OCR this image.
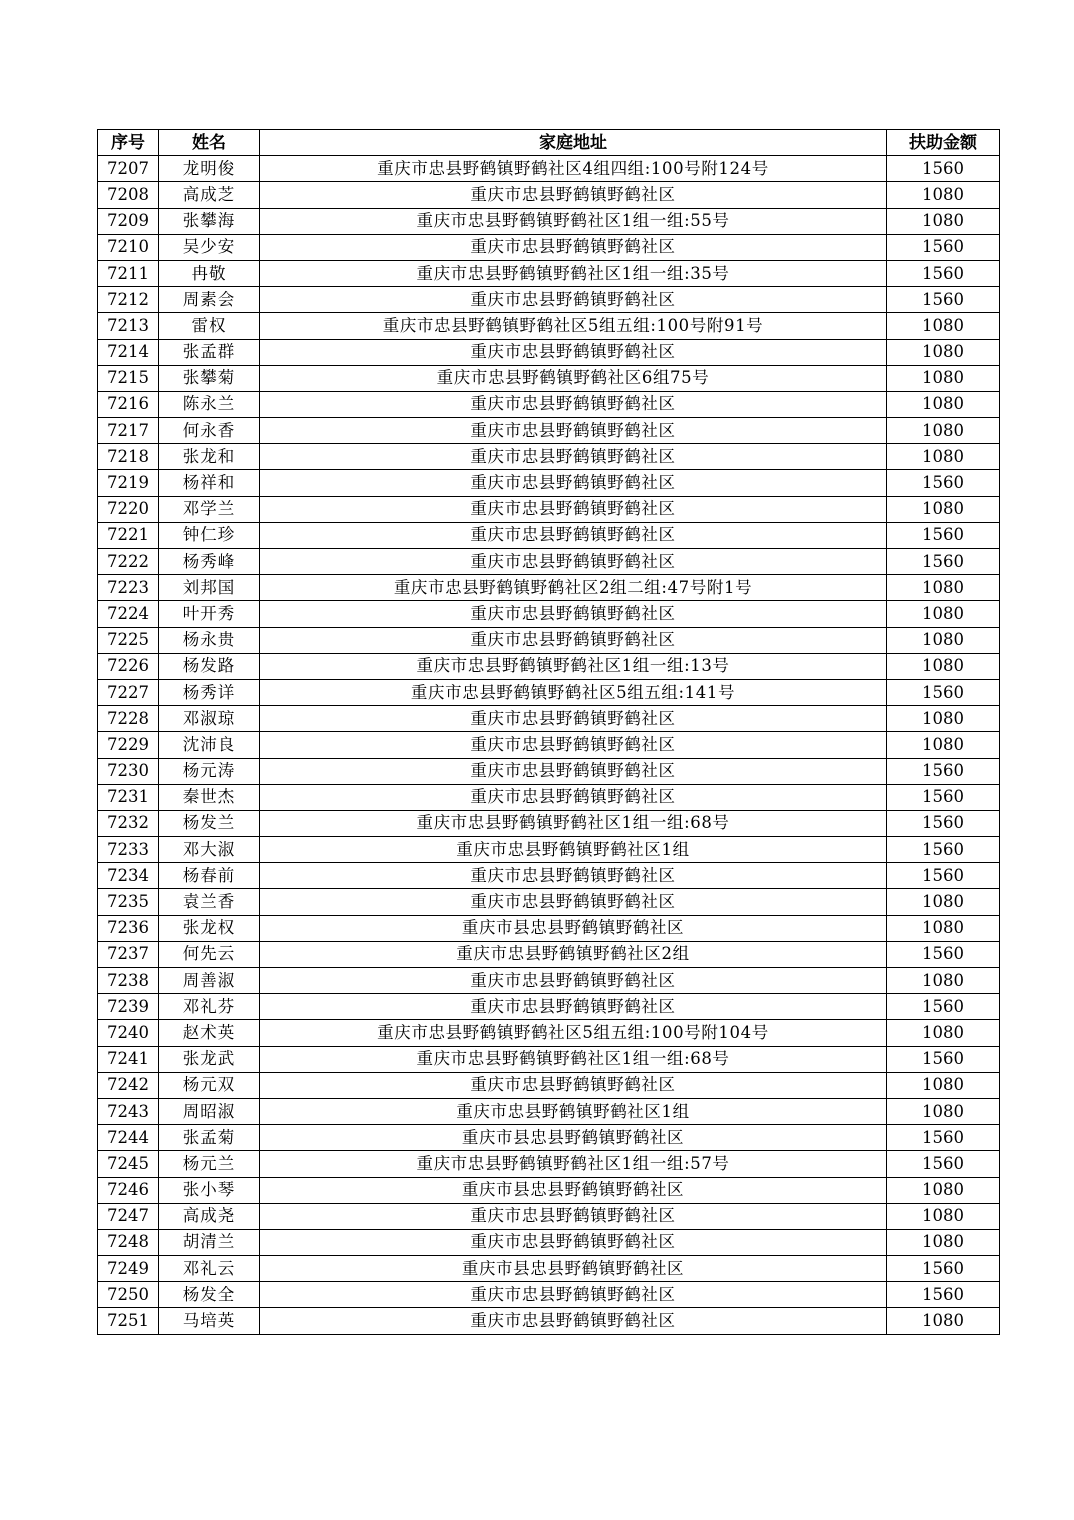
序号	姓名	家庭地址	扶助金额
7207	龙明俊	重庆市忠县野鹤镇野鹤社区4组四组:100号附124号	1560
7208	高成芝	重庆市忠县野鹤镇野鹤社区	1080
7209	张攀海	重庆市忠县野鹤镇野鹤社区1组一组:55号	1080
7210	吴少安	重庆市忠县野鹤镇野鹤社区	1560
7211	冉敬	重庆市忠县野鹤镇野鹤社区1组一组:35号	1560
7212	周素会	重庆市忠县野鹤镇野鹤社区	1560
7213	雷权	重庆市忠县野鹤镇野鹤社区5组五组:100号附91号	1080
7214	张孟群	重庆市忠县野鹤镇野鹤社区	1080
7215	张攀菊	重庆市忠县野鹤镇野鹤社区6组75号	1080
7216	陈永兰	重庆市忠县野鹤镇野鹤社区	1080
7217	何永香	重庆市忠县野鹤镇野鹤社区	1080
7218	张龙和	重庆市忠县野鹤镇野鹤社区	1080
7219	杨祥和	重庆市忠县野鹤镇野鹤社区	1560
7220	邓学兰	重庆市忠县野鹤镇野鹤社区	1080
7221	钟仁珍	重庆市忠县野鹤镇野鹤社区	1560
7222	杨秀峰	重庆市忠县野鹤镇野鹤社区	1560
7223	刘邦国	重庆市忠县野鹤镇野鹤社区2组二组:47号附1号	1080
7224	叶开秀	重庆市忠县野鹤镇野鹤社区	1080
7225	杨永贵	重庆市忠县野鹤镇野鹤社区	1080
7226	杨发路	重庆市忠县野鹤镇野鹤社区1组一组:13号	1080
7227	杨秀详	重庆市忠县野鹤镇野鹤社区5组五组:141号	1560
7228	邓淑琼	重庆市忠县野鹤镇野鹤社区	1080
7229	沈沛良	重庆市忠县野鹤镇野鹤社区	1080
7230	杨元涛	重庆市忠县野鹤镇野鹤社区	1560
7231	秦世杰	重庆市忠县野鹤镇野鹤社区	1560
7232	杨发兰	重庆市忠县野鹤镇野鹤社区1组一组:68号	1560
7233	邓大淑	重庆市忠县野鹤镇野鹤社区1组	1560
7234	杨春前	重庆市忠县野鹤镇野鹤社区	1560
7235	袁兰香	重庆市忠县野鹤镇野鹤社区	1080
7236	张龙权	重庆市县忠县野鹤镇野鹤社区	1080
7237	何先云	重庆市忠县野鹤镇野鹤社区2组	1560
7238	周善淑	重庆市忠县野鹤镇野鹤社区	1080
7239	邓礼芬	重庆市忠县野鹤镇野鹤社区	1560
7240	赵术英	重庆市忠县野鹤镇野鹤社区5组五组:100号附104号	1080
7241	张龙武	重庆市忠县野鹤镇野鹤社区1组一组:68号	1560
7242	杨元双	重庆市忠县野鹤镇野鹤社区	1080
7243	周昭淑	重庆市忠县野鹤镇野鹤社区1组	1080
7244	张孟菊	重庆市县忠县野鹤镇野鹤社区	1560
7245	杨元兰	重庆市忠县野鹤镇野鹤社区1组一组:57号	1560
7246	张小琴	重庆市县忠县野鹤镇野鹤社区	1080
7247	高成尧	重庆市忠县野鹤镇野鹤社区	1080
7248	胡清兰	重庆市忠县野鹤镇野鹤社区	1080
7249	邓礼云	重庆市县忠县野鹤镇野鹤社区	1560
7250	杨发全	重庆市忠县野鹤镇野鹤社区	1560
7251	马培英	重庆市忠县野鹤镇野鹤社区	1080
